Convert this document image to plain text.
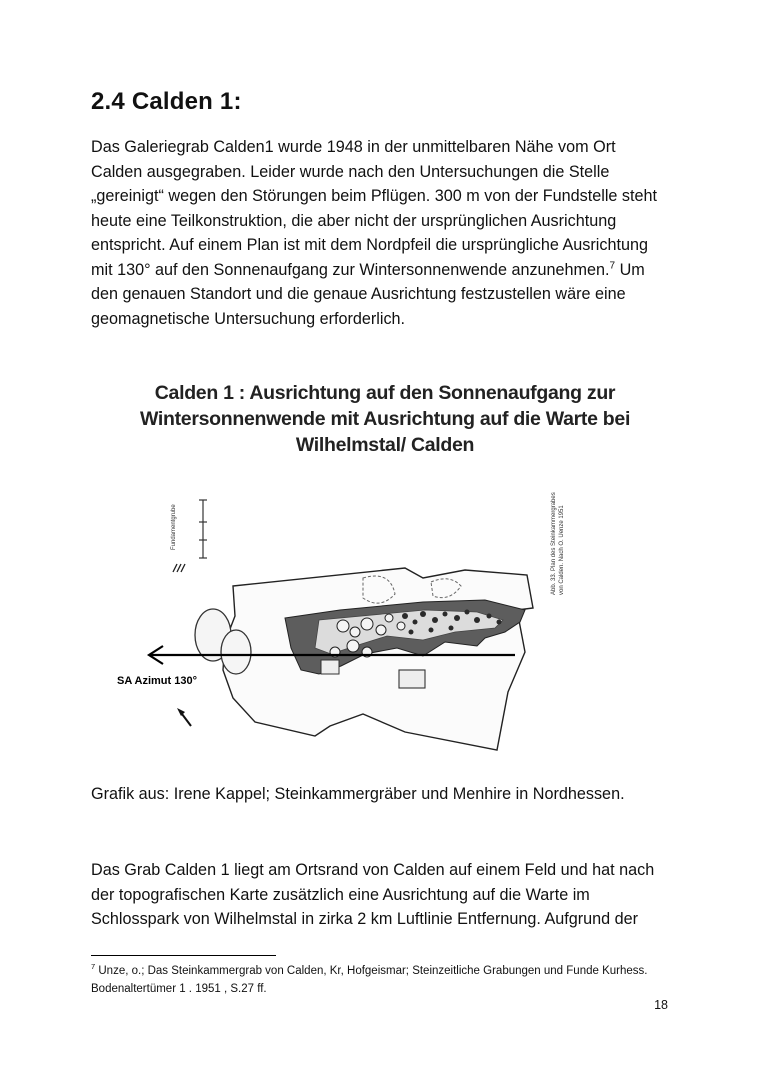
2.4 Calden 1:

Das Galeriegrab Calden1 wurde 1948 in der unmittelbaren Nähe vom Ort
Calden ausgegraben. Leider wurde nach den Untersuchungen die Stelle
„gereinigt“ wegen den Störungen beim Pflügen. 300 m von der Fundstelle steht
heute eine Teilkonstruktion, die aber nicht der ursprünglichen Ausrichtung
entspricht. Auf einem Plan ist mit dem Nordpfeil die ursprüngliche Ausrichtung
mit 130° auf den Sonnenaufgang zur Wintersonnenwende anzunehmen.$^7$ Um
den genauen Standort und die genaue Ausrichtung festzustellen wäre eine
geomagnetische Untersuchung erforderlich.

Calden 1 : Ausrichtung auf den Sonnenaufgang zur
Wintersonnenwende mit Ausrichtung auf die Warte bei
Wilhelmstal/ Calden
Fundamentgrube
SA Azimut 130°
Abb. 33. Plan des Steinkammergrabes von Calden. Nach O. Uenze 1951

Grafik aus: Irene Kappel; Steinkammergräber und Menhire in Nordhessen.

Das Grab Calden 1 liegt am Ortsrand von Calden auf einem Feld und hat nach
der topografischen Karte zusätzlich eine Ausrichtung auf die Warte im
Schlosspark von Wilhelmstal in zirka 2 km Luftlinie Entfernung. Aufgrund der

$^7$ Unze, o.; Das Steinkammergrab von Calden, Kr, Hofgeismar; Steinzeitliche Grabungen und Funde Kurhess.
Bodenaltertümer 1 . 1951 , S.27 ff.

18
